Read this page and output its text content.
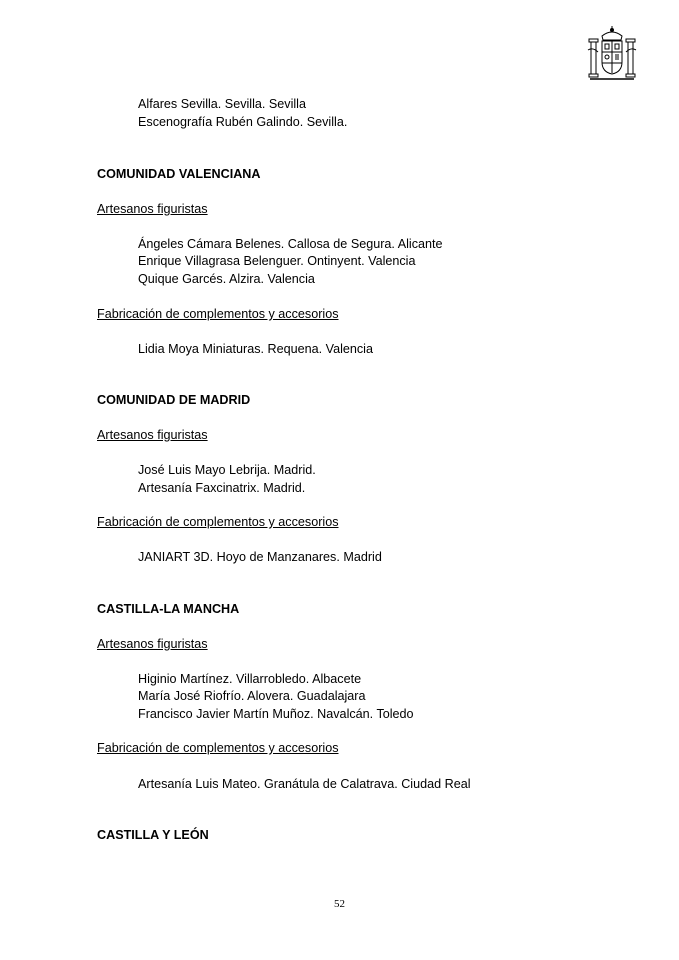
Alfares Sevilla. Sevilla. Sevilla
Escenografía Rubén Galindo. Sevilla.
COMUNIDAD VALENCIANA
Artesanos figuristas
Ángeles Cámara Belenes. Callosa de Segura. Alicante
Enrique Villagrasa Belenguer. Ontinyent. Valencia
Quique Garcés. Alzira. Valencia
Fabricación de complementos y accesorios
Lidia Moya Miniaturas. Requena. Valencia
COMUNIDAD DE MADRID
Artesanos figuristas
José Luis Mayo Lebrija. Madrid.
Artesanía Faxcinatrix. Madrid.
Fabricación de complementos y accesorios
JANIART 3D. Hoyo de Manzanares. Madrid
CASTILLA-LA MANCHA
Artesanos figuristas
Higinio Martínez. Villarrobledo. Albacete
María José Riofrío. Alovera. Guadalajara
Francisco Javier Martín Muñoz. Navalcán. Toledo
Fabricación de complementos y accesorios
Artesanía Luis Mateo. Granátula de Calatrava. Ciudad Real
CASTILLA Y LEÓN
52
